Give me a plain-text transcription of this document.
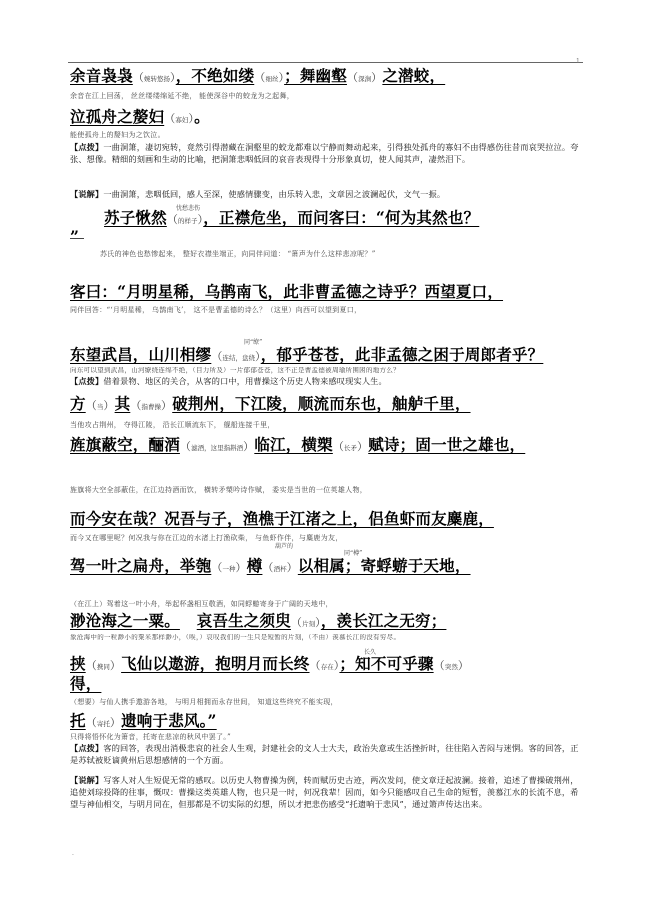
1
余音袅袅（婉转悠扬），不绝如缕（细丝）；舞幽壑（深涧）之潜蛟，
余音在江上回荡， 丝丝缕缕绵延不绝， 能使深谷中的蛟龙为之起舞，
泣孤舟之嫠妇（寡妇）。
能使孤舟上的嫠妇为之饮泣。
【点拨】一曲洞箫，凄切宛转，竟然引得潜藏在洞壑里的蛟龙都难以宁静而舞动起来，引得独处孤舟的寡妇不由得感伤往昔而哀哭拉泣。夸张、想像。精细的刻画和生动的比喻，把洞箫悲咽低回的哀音表现得十分形象真切，使人闻其声，凄然泪下。
【说解】一曲洞箫，悲咽低回，感人至深，使感情骤变，由乐转入悲，文章因之波澜起伏，文气一振。
忧愁悲伤
苏子愀然（的样子），正襟危坐，而问客曰：“何为其然也？
”
苏氏的神色也愁惨起来， 整好衣襟坐端正，向同伴问道： “箫声为什么这样悲凉呢？”
客曰：“月明星稀，乌鹊南飞，此非曹孟德之诗乎？西望夏口，
同伴回答：“‘月明星稀， 乌鹊南飞’， 这不是曹孟德的诗么？（这里）向西可以望到夏口，
同“缭”
东望武昌，山川相缪（连结，盘绕），郁乎苍苍，此非孟德之困于周郎者乎？
向东可以望到武昌，山河缭绕连绵不绝，（目力所及）一片郁郁苍苍，这不正是曹孟德被周瑜所围困的地方么？
【点拨】借着景物、地区的关合，从客的口中，用曹操这个历史人物来感叹现实人生。
方（当）其（指曹操）破荆州，下江陵，顺流而东也，舳舻千里，
当他攻占荆州， 夺得江陵， 沿长江顺流东下， 舰船连接千里，
旌旗蔽空，酾酒（滤酒，这里指斟酒）临江，横槊（长矛）赋诗；固一世之雄也，
旌旗将大空全部蔽住，在江边持酒而饮， 横转矛槊吟诗作赋， 委实是当世的一位英雄人物，
而今安在哉？况吾与子，渔樵于江渚之上，侣鱼虾而友麋鹿，
而今又在哪里呢？何况我与你在江边的水渚上打渔砍柴， 与鱼虾作伴，与麋鹿为友，
葫芦的
同“樽”
驾一叶之扁舟，举匏（一种）樽（酒杯）以相属；寄蜉蝣于天地，
（在江上）驾着这一叶小舟，举起杯盏相互敬酒，如同蜉蝣寄身于广阔的天地中，
渺沧海之一粟。 哀吾生之须臾（片刻），羡长江之无穷；
象沧海中的一粒渺小的粟米那样渺小，（唉，）哀叹我们的一生只是短暂的片刻，（不由）羡慕长江的没有穷尽。
长久
挟（携同）飞仙以遨游，抱明月而长终（存在）；知不可乎骤（突然）
得，
（想要）与仙人携手遨游各地， 与明月相拥而永存世间， 知道这些终究不能实现，
托（寄托）遗响于悲风。”
只得将悟怀化为箫音，托寄在悲凉的秋风中罢了。”
【点拨】客的回答，表现出消极悲哀的社会人生观，封建社会的文人士大夫，政治失意或生活挫折时，往往陷入苦闷与迷惘。客的回答，正是苏轼被贬谪黄州后思想感情的一个方面。
【说解】写客人对人生短促无常的感叹。以历史人物曹操为例，转而赋历史古迹，两次发问，使文章迂起波澜。接着，追述了曹操破荆州，追使刘琮投降的往事，慨叹：曹操这类英雄人物，也只是一时，何况我辈！因而，如今只能感叹自己生命的短暂，羡慕江水的长流不息，希望与神仙相交，与明月同在，但那都是不切实际的幻想，所以才把悲伤感受“托遗响于悲风”，通过箫声传达出来。
.
